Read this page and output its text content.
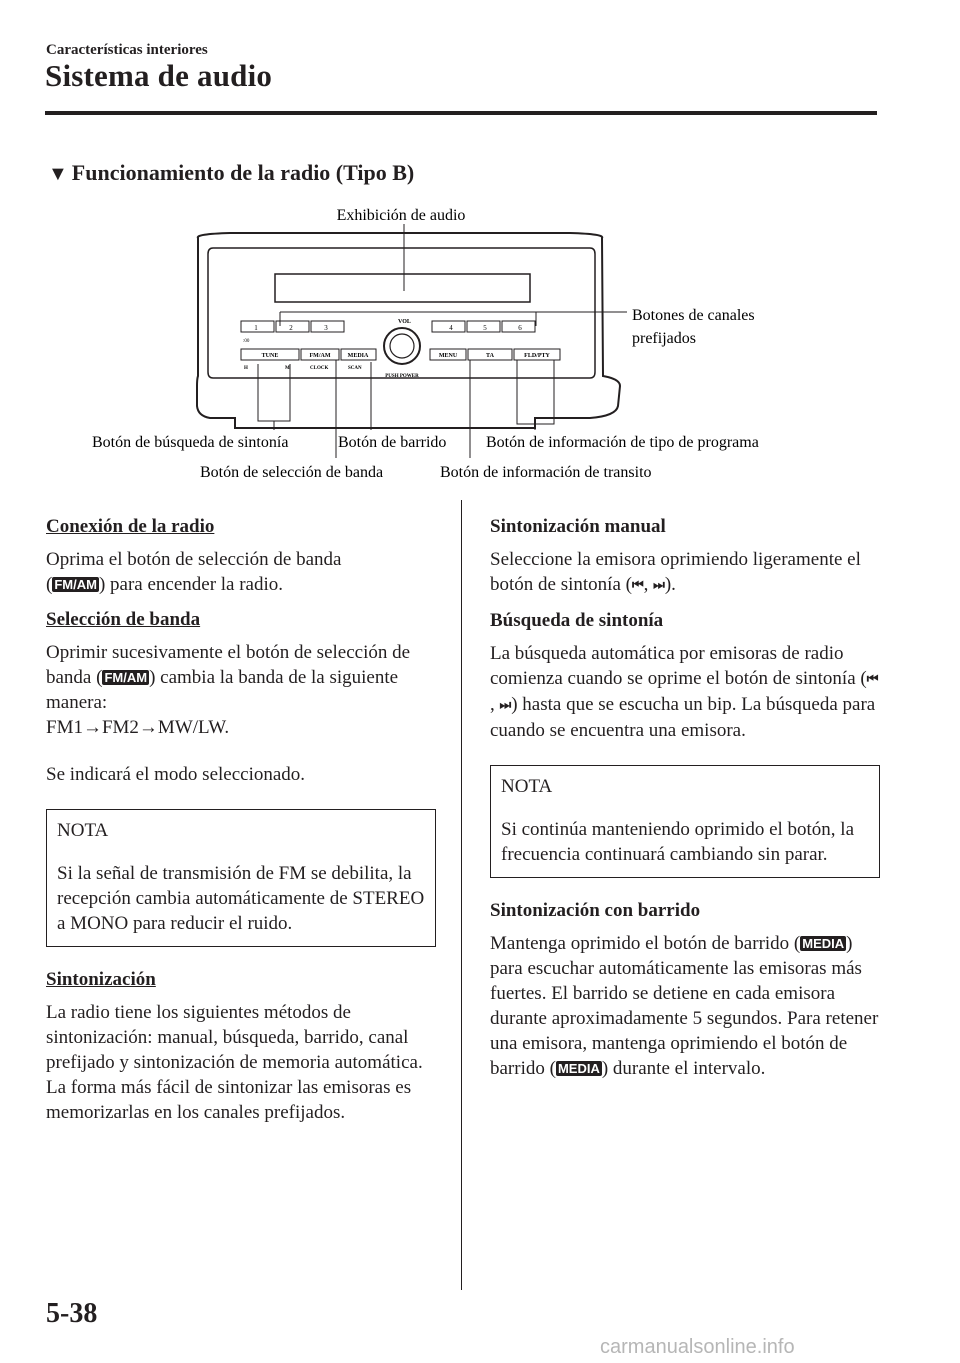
Características interiores
Sistema de audio
▼ Funcionamiento de la radio (Tipo B)
1	2	3	4	5	6
:00
VOL
PUSH POWER
TUNE	FM/AM	MEDIA	MENU	TA	FLD/PTY
H	M	CLOCK	SCAN
Exhibición de audio
Botones de canales
prefijados
Botón de búsqueda de sintonía	Botón de barrido Botón de información de tipo de programa
Botón de selección de banda	Botón de información de transito

Conexión de la radio

Oprima el botón de selección de banda
( FM/AM ) para encender la radio.

Selección de banda

Oprimir sucesivamente el botón de selección de banda ( FM/AM ) cambia la banda de la siguiente manera:
FM1→FM2→MW/LW.

Se indicará el modo seleccionado.

NOTA
Si la señal de transmisión de FM se debilita, la recepción cambia automáticamente de STEREO a MONO para reducir el ruido.

Sintonización

La radio tiene los siguientes métodos de sintonización: manual, búsqueda, barrido, canal prefijado y sintonización de memoria automática. La forma más fácil de sintonizar las emisoras es memorizarlas en los canales prefijados.

Sintonización manual

Seleccione la emisora oprimiendo ligeramente el botón de sintonía (⏮, ⏭).

Búsqueda de sintonía

La búsqueda automática por emisoras de radio comienza cuando se oprime el botón de sintonía (⏮, ⏭) hasta que se escucha un bip. La búsqueda para cuando se encuentra una emisora.

NOTA
Si continúa manteniendo oprimido el botón, la frecuencia continuará cambiando sin parar.

Sintonización con barrido

Mantenga oprimido el botón de barrido ( MEDIA ) para escuchar automáticamente las emisoras más fuertes. El barrido se detiene en cada emisora durante aproximadamente 5 segundos. Para retener una emisora, mantenga oprimiendo el botón de barrido ( MEDIA ) durante el intervalo.

5-38
carmanualsonline.info
